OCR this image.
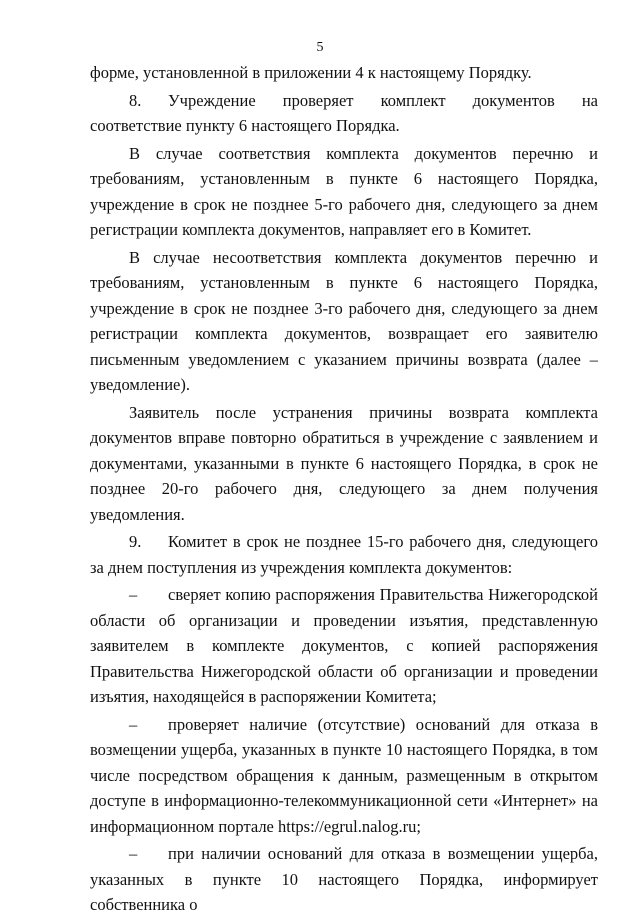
5

форме, установленной в приложении 4 к настоящему Порядку.

8. Учреждение проверяет комплект документов на соответствие пункту 6 настоящего Порядка.

В случае соответствия комплекта документов перечню и требованиям, установленным в пункте 6 настоящего Порядка, учреждение в срок не позднее 5-го рабочего дня, следующего за днем регистрации комплекта документов, направляет его в Комитет.

В случае несоответствия комплекта документов перечню и требованиям, установленным в пункте 6 настоящего Порядка, учреждение в срок не позднее 3-го рабочего дня, следующего за днем регистрации комплекта документов, возвращает его заявителю письменным уведомлением с указанием причины возврата (далее – уведомление).

Заявитель после устранения причины возврата комплекта документов вправе повторно обратиться в учреждение с заявлением и документами, указанными в пункте 6 настоящего Порядка, в срок не позднее 20-го рабочего дня, следующего за днем получения уведомления.

9. Комитет в срок не позднее 15-го рабочего дня, следующего за днем поступления из учреждения комплекта документов:

– сверяет копию распоряжения Правительства Нижегородской области об организации и проведении изъятия, представленную заявителем в комплекте документов, с копией распоряжения Правительства Нижегородской области об организации и проведении изъятия, находящейся в распоряжении Комитета;

– проверяет наличие (отсутствие) оснований для отказа в возмещении ущерба, указанных в пункте 10 настоящего Порядка, в том числе посредством обращения к данным, размещенным в открытом доступе в информационно-телекоммуникационной сети «Интернет» на информационном портале https://egrul.nalog.ru;

– при наличии оснований для отказа в возмещении ущерба, указанных в пункте 10 настоящего Порядка, информирует собственника о
